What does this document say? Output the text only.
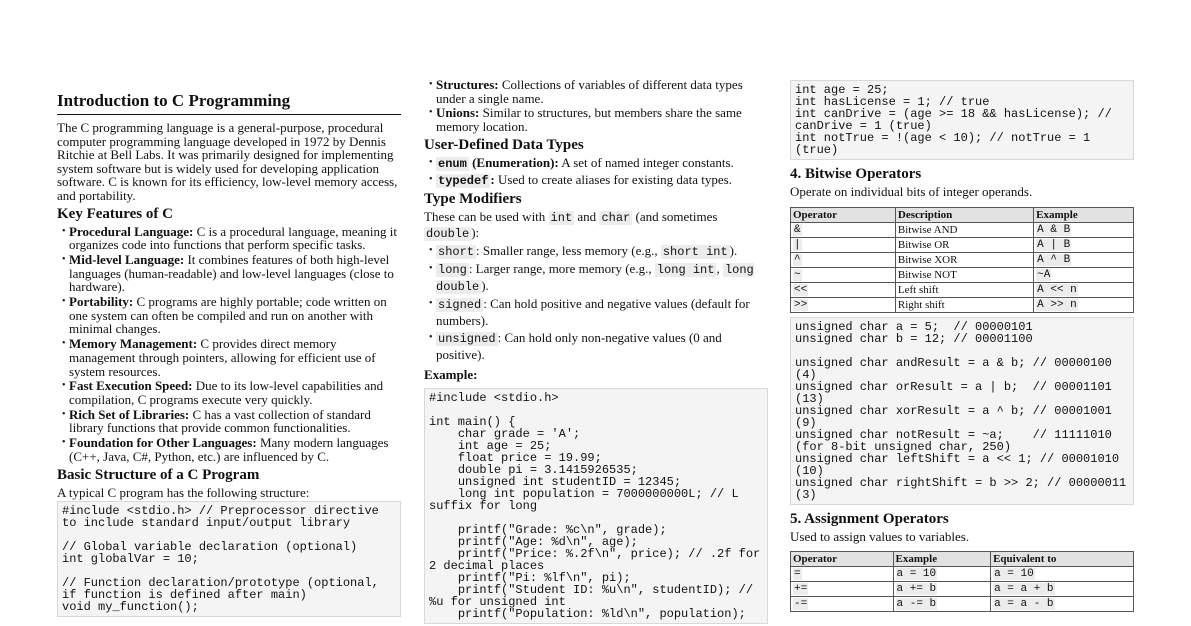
Introduction to C Programming

The C programming language is a general-purpose, procedural computer programming language developed in 1972 by Dennis Ritchie at Bell Labs. It was primarily designed for implementing system software but is widely used for developing application software. C is known for its efficiency, low-level memory access, and portability.

Key Features of C
• Procedural Language: C is a procedural language, meaning it organizes code into functions that perform specific tasks.
• Mid-level Language: It combines features of both high-level languages (human-readable) and low-level languages (close to hardware).
• Portability: C programs are highly portable; code written on one system can often be compiled and run on another with minimal changes.
• Memory Management: C provides direct memory management through pointers, allowing for efficient use of system resources.
• Fast Execution Speed: Due to its low-level capabilities and compilation, C programs execute very quickly.
• Rich Set of Libraries: C has a vast collection of standard library functions that provide common functionalities.
• Foundation for Other Languages: Many modern languages (C++, Java, C#, Python, etc.) are influenced by C.
Basic Structure of a C Program

A typical C program has the following structure:

#include <stdio.h> // Preprocessor directive to include standard input/output library

// Global variable declaration (optional)
int globalVar = 10;

// Function declaration/prototype (optional, if function is defined after main)
void my_function();
• Structures: Collections of variables of different data types under a single name.
• Unions: Similar to structures, but members share the same memory location.
User-Defined Data Types
• enum (Enumeration): A set of named integer constants.
• typedef : Used to create aliases for existing data types.
Type Modifiers

These can be used with int and char (and sometimes double ):

• short : Smaller range, less memory (e.g., short int ).
• long : Larger range, more memory (e.g., long int , long double ).
• signed : Can hold positive and negative values (default for numbers).
• unsigned : Can hold only non-negative values (0 and positive).
Example:
#include <stdio.h>

int main() {
char grade = 'A';
int age = 25;
float price = 19.99;
double pi = 3.1415926535;
unsigned int studentID = 12345;
long int population = 7000000000L; // L suffix for long

printf("Grade: %c\n", grade);
printf("Age: %d\n", age);
printf("Price: %.2f\n", price); // .2f for 2 decimal places
printf("Pi: %lf\n", pi);
printf("Student ID: %u\n", studentID); // %u for unsigned int
printf("Population: %ld\n", population);
int age = 25;
int hasLicense = 1; // true
int canDrive = (age >= 18 && hasLicense); // canDrive = 1 (true)
int notTrue = !(age < 10); // notTrue = 1 (true)
4. Bitwise Operators

Operate on individual bits of integer operands.

Operator	Description	Example
&	Bitwise AND	A & B
|	Bitwise OR	A | B
^	Bitwise XOR	A ^ B
~	Bitwise NOT	~A
<<	Left shift	A << n
>>	Right shift	A >> n
unsigned char a = 5;  // 00000101
unsigned char b = 12; // 00001100

unsigned char andResult = a & b; // 00000100 (4)
unsigned char orResult = a | b;  // 00001101 (13)
unsigned char xorResult = a ^ b; // 00001001 (9)
unsigned char notResult = ~a;    // 11111010 (for 8-bit unsigned char, 250)
unsigned char leftShift = a << 1; // 00001010 (10)
unsigned char rightShift = b >> 2; // 00000011 (3)
5. Assignment Operators

Used to assign values to variables.

Operator	Example	Equivalent to
=	a = 10	a = 10
+=	a += b	a = a + b
-=	a -= b	a = a - b
